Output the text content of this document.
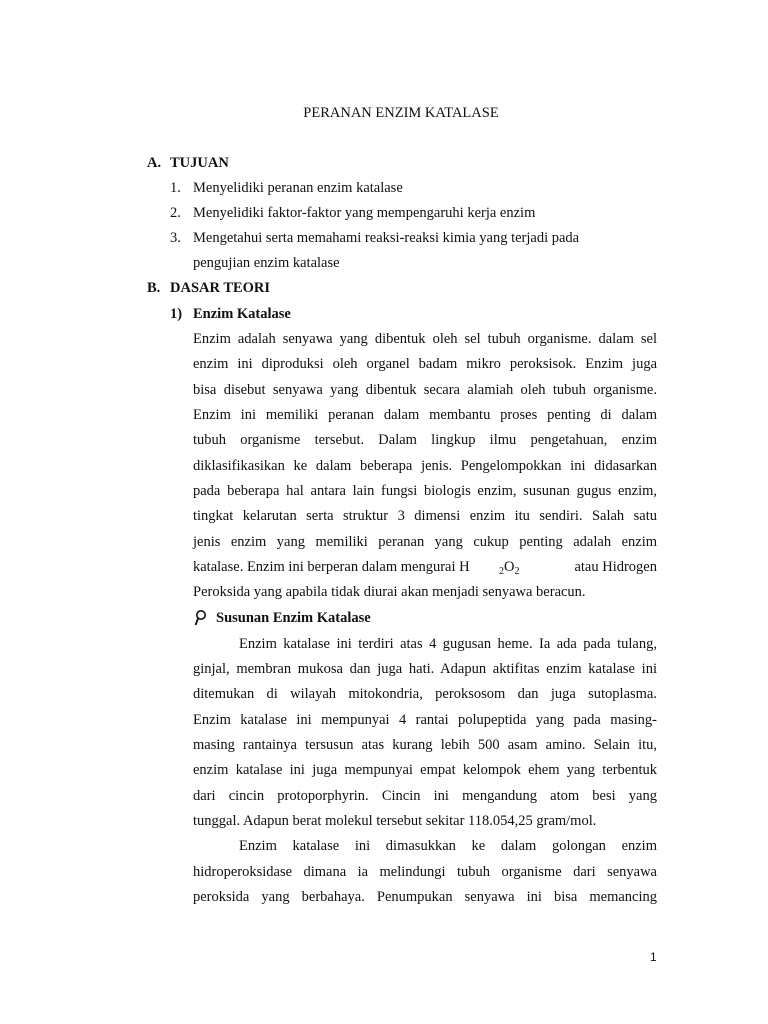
PERANAN ENZIM KATALASE
A. TUJUAN
1. Menyelidiki peranan enzim katalase
2. Menyelidiki faktor-faktor yang mempengaruhi kerja enzim
3. Mengetahui serta memahami reaksi-reaksi kimia yang terjadi pada
pengujian enzim katalase
B. DASAR TEORI
1) Enzim Katalase
Enzim adalah senyawa yang dibentuk oleh sel tubuh organisme. dalam sel
enzim ini diproduksi oleh organel badam mikro peroksisok. Enzim juga
bisa disebut senyawa yang dibentuk secara alamiah oleh tubuh organisme.
Enzim ini memiliki peranan dalam membantu proses penting di dalam
tubuh organisme tersebut. Dalam lingkup ilmu pengetahuan, enzim
diklasifikasikan ke dalam beberapa jenis. Pengelompokkan ini didasarkan
pada beberapa hal antara lain fungsi biologis enzim, susunan gugus enzim,
tingkat kelarutan serta struktur 3 dimensi enzim itu sendiri. Salah satu
jenis enzim yang memiliki peranan yang cukup penting adalah enzim
katalase. Enzim ini berperan dalam mengurai H	$_2O_2$	atau Hidrogen
Peroksida yang apabila tidak diurai akan menjadi senyawa beracun.
Susunan Enzim Katalase
Enzim katalase ini terdiri atas 4 gugusan heme. Ia ada pada tulang,
ginjal, membran mukosa dan juga hati. Adapun aktifitas enzim katalase ini
ditemukan di wilayah mitokondria, peroksosom dan juga sutoplasma.
Enzim katalase ini mempunyai 4 rantai polupeptida yang pada masing-
masing rantainya tersusun atas kurang lebih 500 asam amino. Selain itu,
enzim katalase ini juga mempunyai empat kelompok ehem yang terbentuk
dari cincin protoporphyrin. Cincin ini mengandung atom besi yang
tunggal. Adapun berat molekul tersebut sekitar 118.054,25 gram/mol.
Enzim katalase ini dimasukkan ke dalam golongan enzim
hidroperoksidase dimana ia melindungi tubuh organisme dari senyawa
peroksida yang berbahaya. Penumpukan senyawa ini bisa memancing
1
